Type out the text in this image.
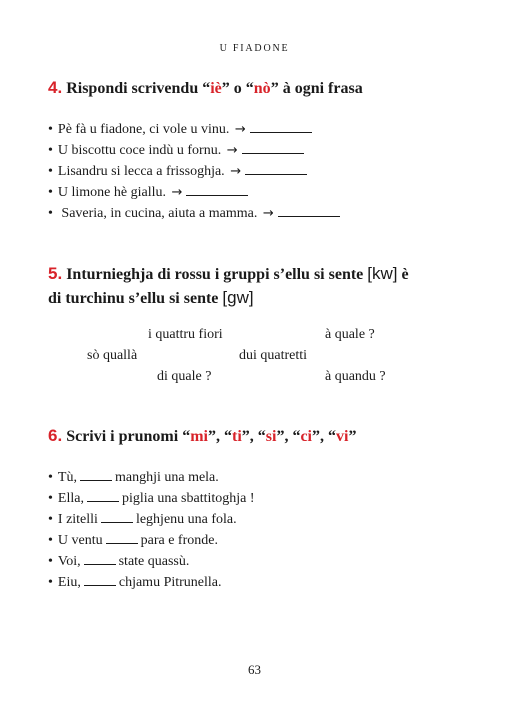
U FIADONE
4. Rispondi scrivendu “iè” o “nò” à ogni frasa
• Pè fà u fiadone, ci vole u vinu. →
• U biscottu coce indù u fornu. →
• Lisandru si lecca a frissoghja. →
• U limone hè giallu. →
• Saveria, in cucina, aiuta a mamma. →
5. Inturnieghja di rossu i gruppi s’ellu si sente [kw] è
di turchinu s’ellu si sente [gw]
i quattru fiori	à quale ?
sò quallà	dui quatretti
di quale ?	à quandu ?
6. Scrivi i prunomi “mi”, “ti”, “si”, “ci”, “vi”
• Tù,	manghji una mela.
• Ella,	piglia una sbattitoghja !
• I zitelli	leghjenu una fola.
• U ventu	para e fronde.
• Voi,	state quassù.
• Eiu,	chjamu Pitrunella.
63
